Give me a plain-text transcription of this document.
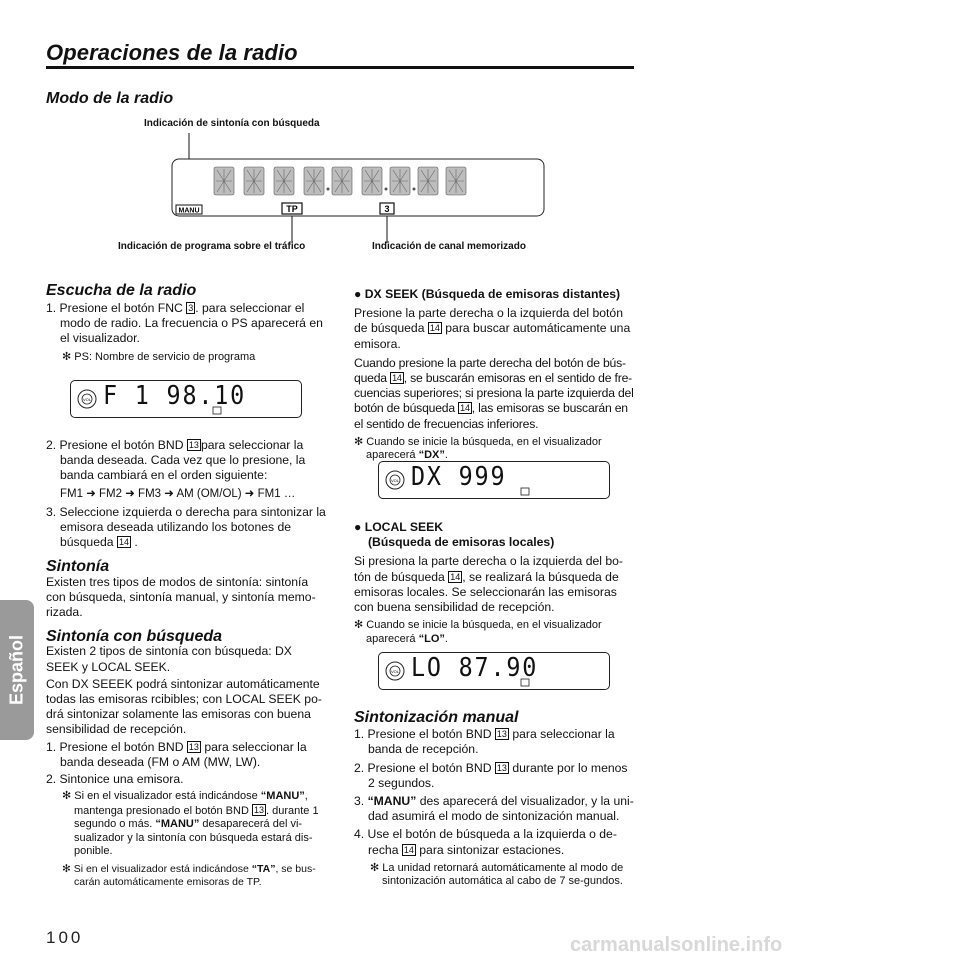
Operaciones de la radio
Modo de la radio
Indicación de sintonía con búsqueda
MANU	TP	3
Indicación de programa sobre el tráfico	Indicación de canal memorizado
Escucha de la radio

1. Presione el botón FNC 3 . para seleccionar el modo de radio. La frecuencia o PS aparecerá en el visualizador.

✻ PS: Nombre de servicio de programa

VOL F 1 98.10

2. Presione el botón BND 13 para seleccionar la banda deseada. Cada vez que lo presione, la banda cambiará en el orden siguiente:

FM1 ➜ FM2 ➜ FM3 ➜ AM (OM/OL) ➜ FM1 …

3. Seleccione izquierda o derecha para sintonizar la emisora deseada utilizando los botones de búsqueda 14 .

Sintonía

Existen tres tipos de modos de sintonía: sintonía con búsqueda, sintonía manual, y sintonía memo-rizada.

Sintonía con búsqueda

Existen 2 tipos de sintonía con búsqueda: DX SEEK y LOCAL SEEK.

Con DX SEEEK podrá sintonizar automáticamente todas las emisoras rcibibles; con LOCAL SEEK po-drá sintonizar solamente las emisoras con buena sensibilidad de recepción.

1. Presione el botón BND 13 para seleccionar la banda deseada (FM o AM (MW, LW).

2. Sintonice una emisora.

✻ Si en el visualizador está indicándose “MANU”, mantenga presionado el botón BND 13 . durante 1 segundo o más. “MANU” desaparecerá del vi-sualizador y la sintonía con búsqueda estará dis-ponible.

✻ Si en el visualizador está indicándose “TA”, se bus-carán automáticamente emisoras de TP.

● DX SEEK (Búsqueda de emisoras distantes)

Presione la parte derecha o la izquierda del botón de búsqueda 14 para buscar automáticamente una emisora.

Cuando presione la parte derecha del botón de bús-queda 14 , se buscarán emisoras en el sentido de fre-cuencias superiores; si presiona la parte izquierda del botón de búsqueda 14 , las emisoras se buscarán en el sentido de frecuencias inferiores.

✻ Cuando se inicie la búsqueda, en el visualizador aparecerá “DX”.

VOL DX 999

● LOCAL SEEK

(Búsqueda de emisoras locales)

Si presiona la parte derecha o la izquierda del bo-tón de búsqueda 14 , se realizará la búsqueda de emisoras locales. Se seleccionarán las emisoras con buena sensibilidad de recepción.

✻ Cuando se inicie la búsqueda, en el visualizador aparecerá “LO”.

VOL LO 87.90
Sintonización manual

1. Presione el botón BND 13 para seleccionar la banda de recepción.

2. Presione el botón BND 13 durante por lo menos 2 segundos.

3. “MANU” des aparecerá del visualizador, y la uni-dad asumirá el modo de sintonización manual.

4. Use el botón de búsqueda a la izquierda o de-recha 14 para sintonizar estaciones.

✻ La unidad retornará automáticamente al modo de sintonización automática al cabo de 7 se-gundos.

Español
100	carmanualsonline.info
